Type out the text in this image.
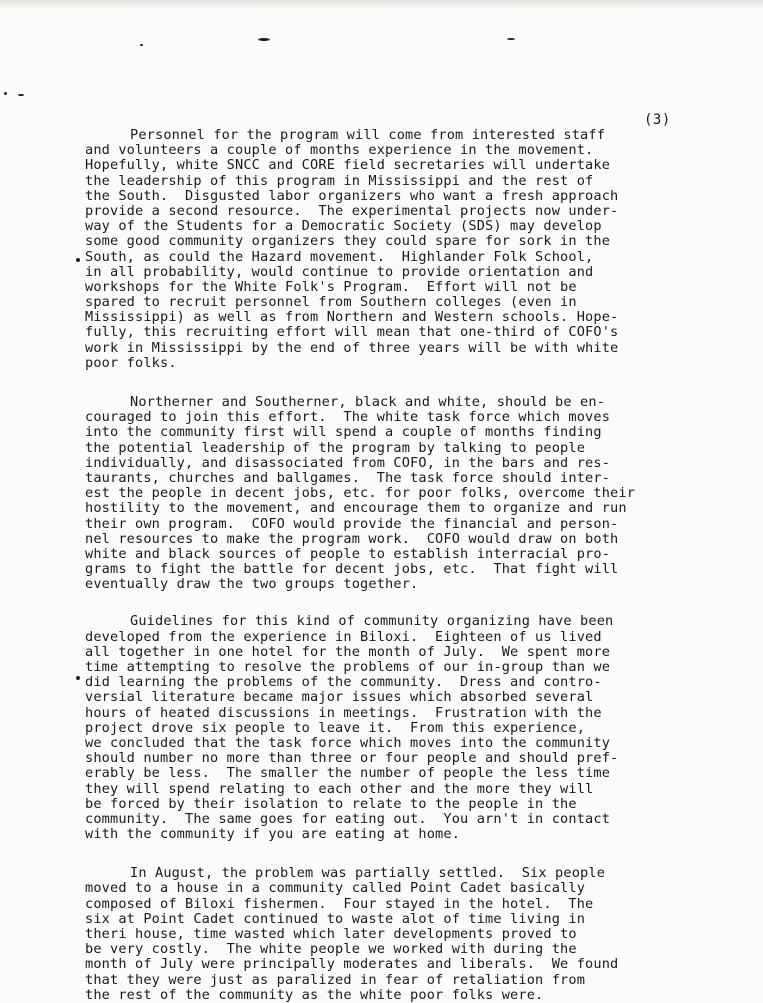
(3)
Personnel for the program will come from interested staff
and volunteers a couple of months experience in the movement.
Hopefully, white SNCC and CORE field secretaries will undertake
the leadership of this program in Mississippi and the rest of
the South.  Disgusted labor organizers who want a fresh approach
provide a second resource.  The experimental projects now under-
way of the Students for a Democratic Society (SDS) may develop
some good community organizers they could spare for sork in the
South, as could the Hazard movement.  Highlander Folk School,
in all probability, would continue to provide orientation and
workshops for the White Folk's Program.  Effort will not be
spared to recruit personnel from Southern colleges (even in
Mississippi) as well as from Northern and Western schools. Hope-
fully, this recruiting effort will mean that one-third of COFO's
work in Mississippi by the end of three years will be with white
poor folks.
Northerner and Southerner, black and white, should be en-
couraged to join this effort.  The white task force which moves
into the community first will spend a couple of months finding
the potential leadership of the program by talking to people
individually, and disassociated from COFO, in the bars and res-
taurants, churches and ballgames.  The task force should inter-
est the people in decent jobs, etc. for poor folks, overcome their
hostility to the movement, and encourage them to organize and run
their own program.  COFO would provide the financial and person-
nel resources to make the program work.  COFO would draw on both
white and black sources of people to establish interracial pro-
grams to fight the battle for decent jobs, etc.  That fight will
eventually draw the two groups together.
Guidelines for this kind of community organizing have been
developed from the experience in Biloxi.  Eighteen of us lived
all together in one hotel for the month of July.  We spent more
time attempting to resolve the problems of our in-group than we
did learning the problems of the community.  Dress and contro-
versial literature became major issues which absorbed several
hours of heated discussions in meetings.  Frustration with the
project drove six people to leave it.  From this experience,
we concluded that the task force which moves into the community
should number no more than three or four people and should pref-
erably be less.  The smaller the number of people the less time
they will spend relating to each other and the more they will
be forced by their isolation to relate to the people in the
community.  The same goes for eating out.  You arn't in contact
with the community if you are eating at home.
In August, the problem was partially settled.  Six people
moved to a house in a community called Point Cadet basically
composed of Biloxi fishermen.  Four stayed in the hotel.  The
six at Point Cadet continued to waste alot of time living in
theri house, time wasted which later developments proved to
be very costly.  The white people we worked with during the
month of July were principally moderates and liberals.  We found
that they were just as paralized in fear of retaliation from
the rest of the community as the white poor folks were.
